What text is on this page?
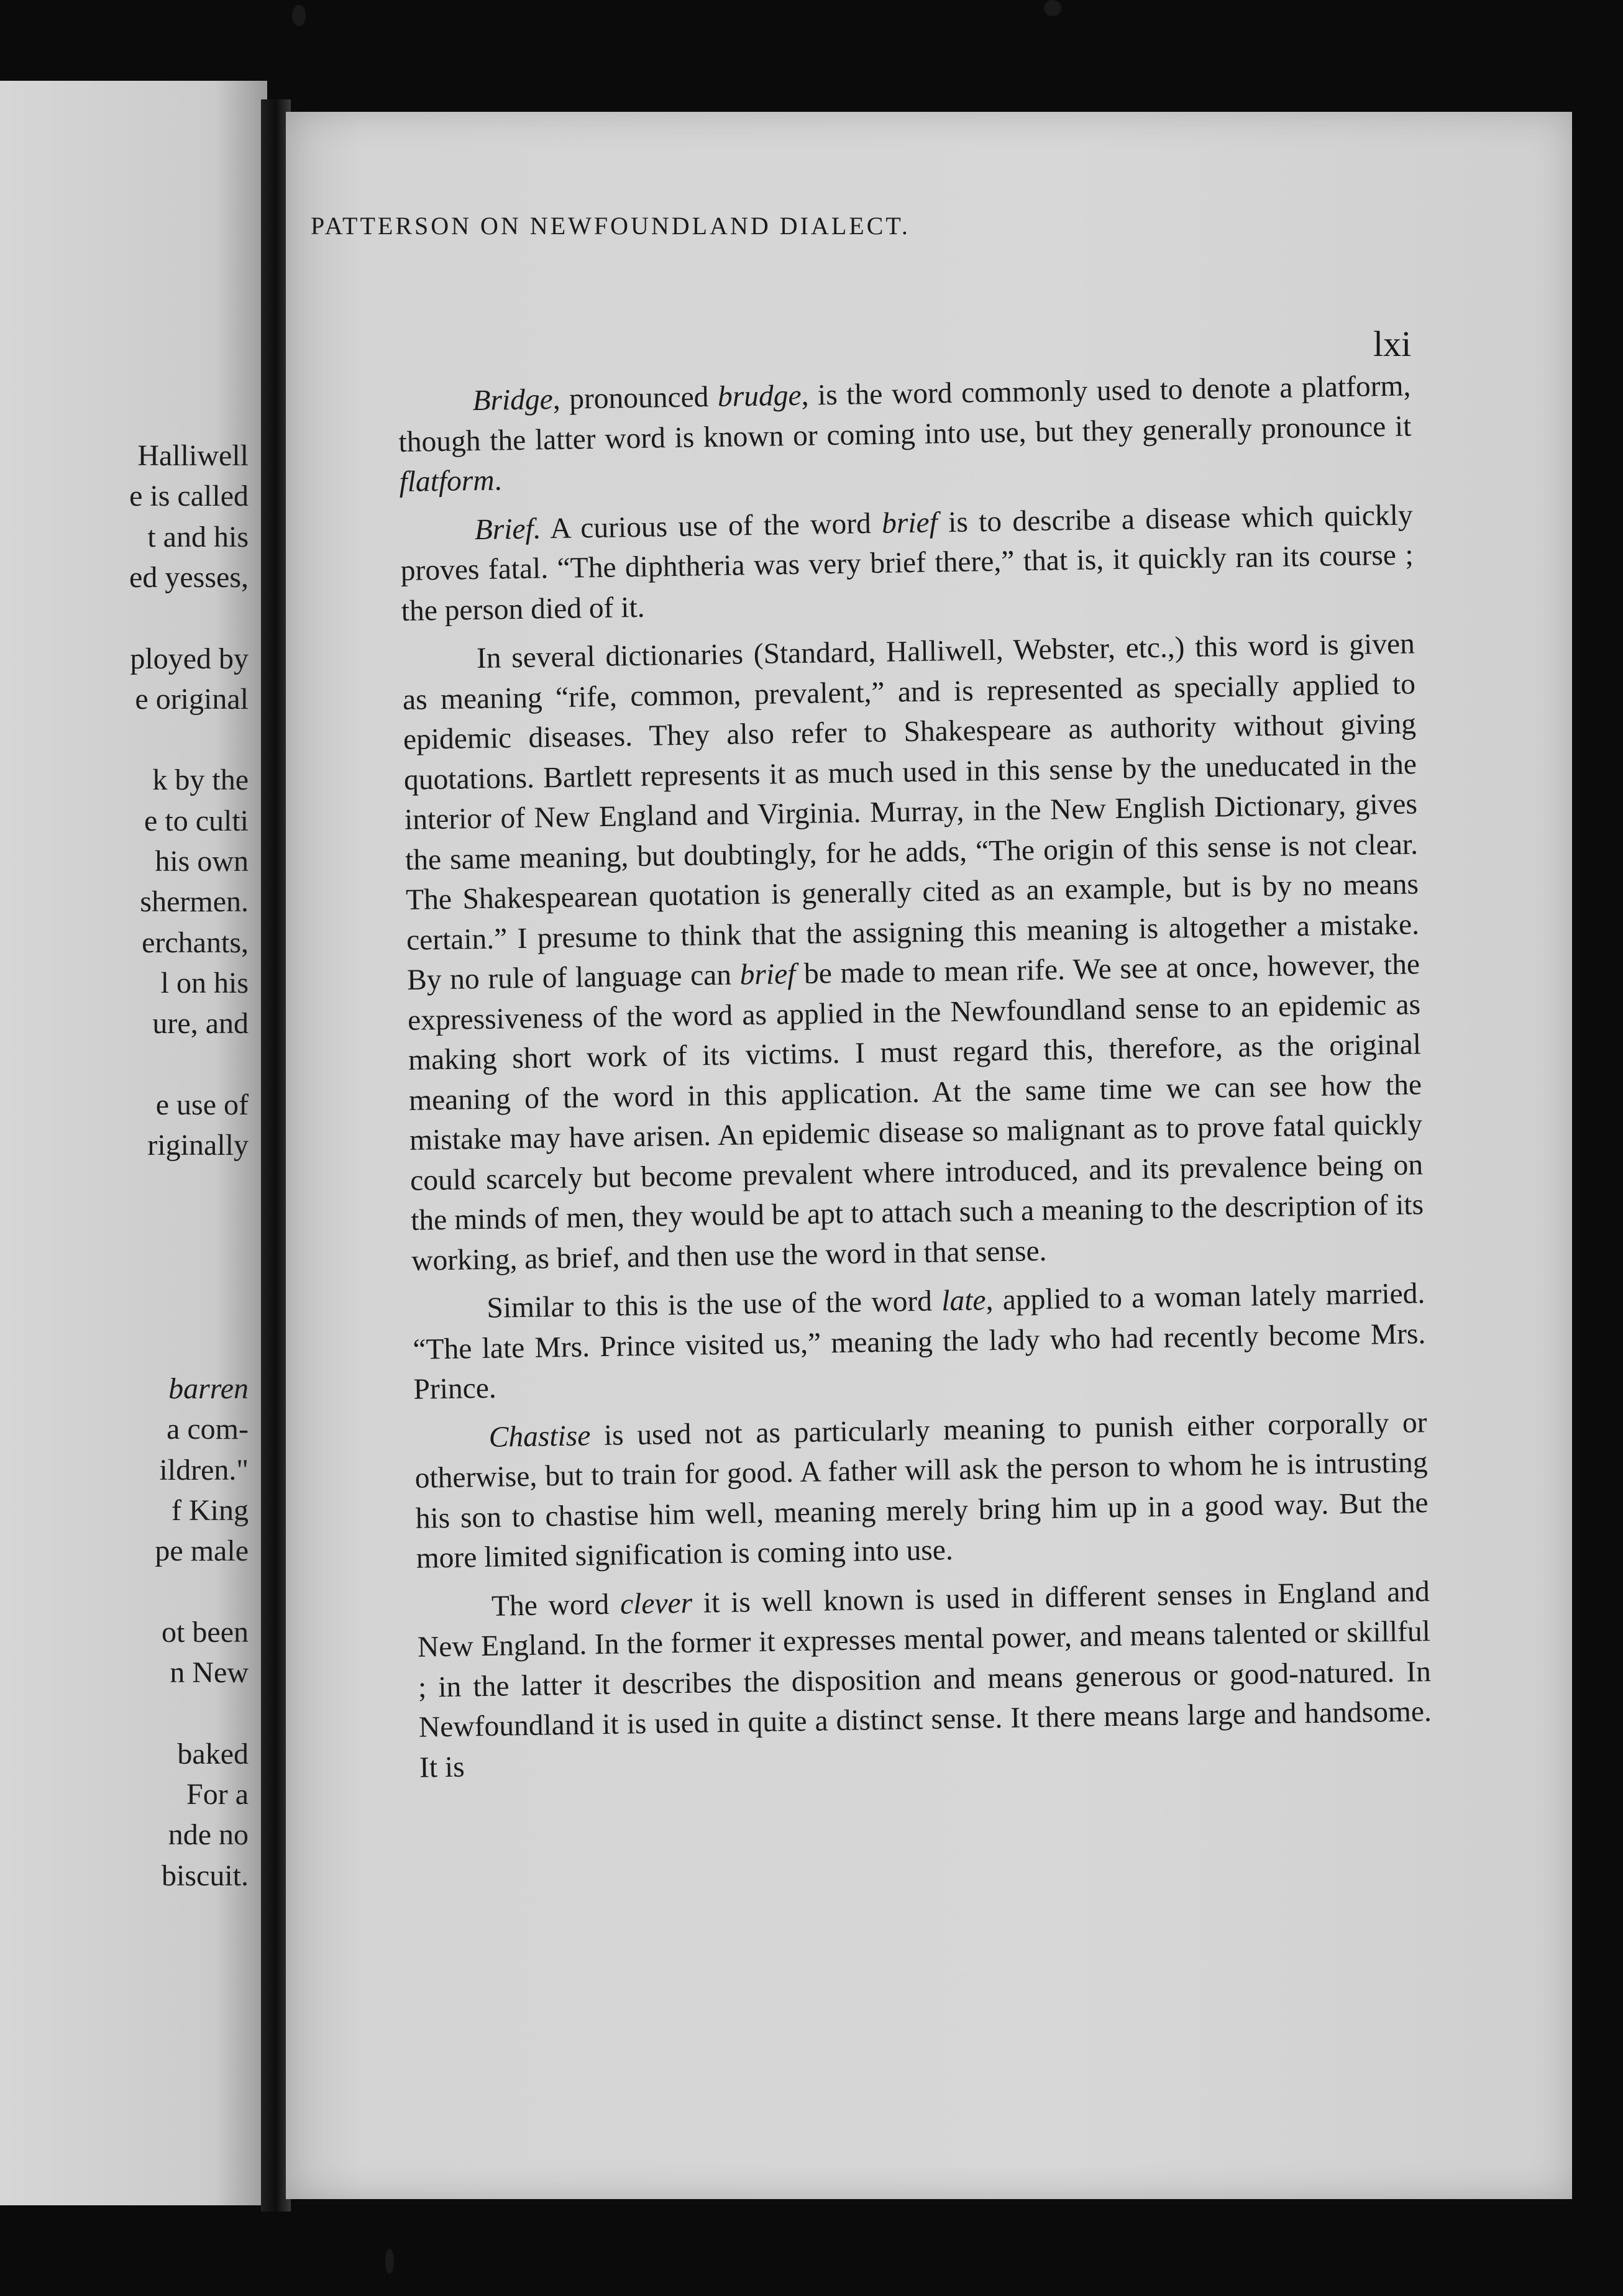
Halliwell
e is called
t and his
ed yesses,
ployed by
e original
k by the
e to culti
his own
shermen.
erchants,
l on his
ure, and
e use of
riginally
barren
a com-
ildren."
f King
pe male
ot been
n New
baked
For a
nde no
biscuit.
PATTERSON ON NEWFOUNDLAND DIALECT.
lxi

Bridge, pronounced brudge, is the word commonly used to denote a platform, though the latter word is known or coming into use, but they generally pronounce it flatform.

Brief. A curious use of the word brief is to describe a disease which quickly proves fatal. “The diphtheria was very brief there,” that is, it quickly ran its course ; the person died of it.

In several dictionaries (Standard, Halliwell, Webster, etc.,) this word is given as meaning “rife, common, prevalent,” and is represented as specially applied to epidemic diseases. They also refer to Shakespeare as authority without giving quotations. Bartlett represents it as much used in this sense by the uneducated in the interior of New England and Virginia. Murray, in the New English Dictionary, gives the same meaning, but doubtingly, for he adds, “The origin of this sense is not clear. The Shakespearean quotation is generally cited as an example, but is by no means certain.” I presume to think that the assigning this meaning is altogether a mistake. By no rule of language can brief be made to mean rife. We see at once, however, the expressiveness of the word as applied in the Newfoundland sense to an epidemic as making short work of its victims. I must regard this, therefore, as the original meaning of the word in this application. At the same time we can see how the mistake may have arisen. An epidemic disease so malignant as to prove fatal quickly could scarcely but become prevalent where introduced, and its prevalence being on the minds of men, they would be apt to attach such a meaning to the description of its working, as brief, and then use the word in that sense.

Similar to this is the use of the word late, applied to a woman lately married. “The late Mrs. Prince visited us,” meaning the lady who had recently become Mrs. Prince.

Chastise is used not as particularly meaning to punish either corporally or otherwise, but to train for good. A father will ask the person to whom he is intrusting his son to chastise him well, meaning merely bring him up in a good way. But the more limited signification is coming into use.

The word clever it is well known is used in different senses in England and New England. In the former it expresses mental power, and means talented or skillful ; in the latter it describes the disposition and means generous or good-natured. In Newfoundland it is used in quite a distinct sense. It there means large and handsome. It is
